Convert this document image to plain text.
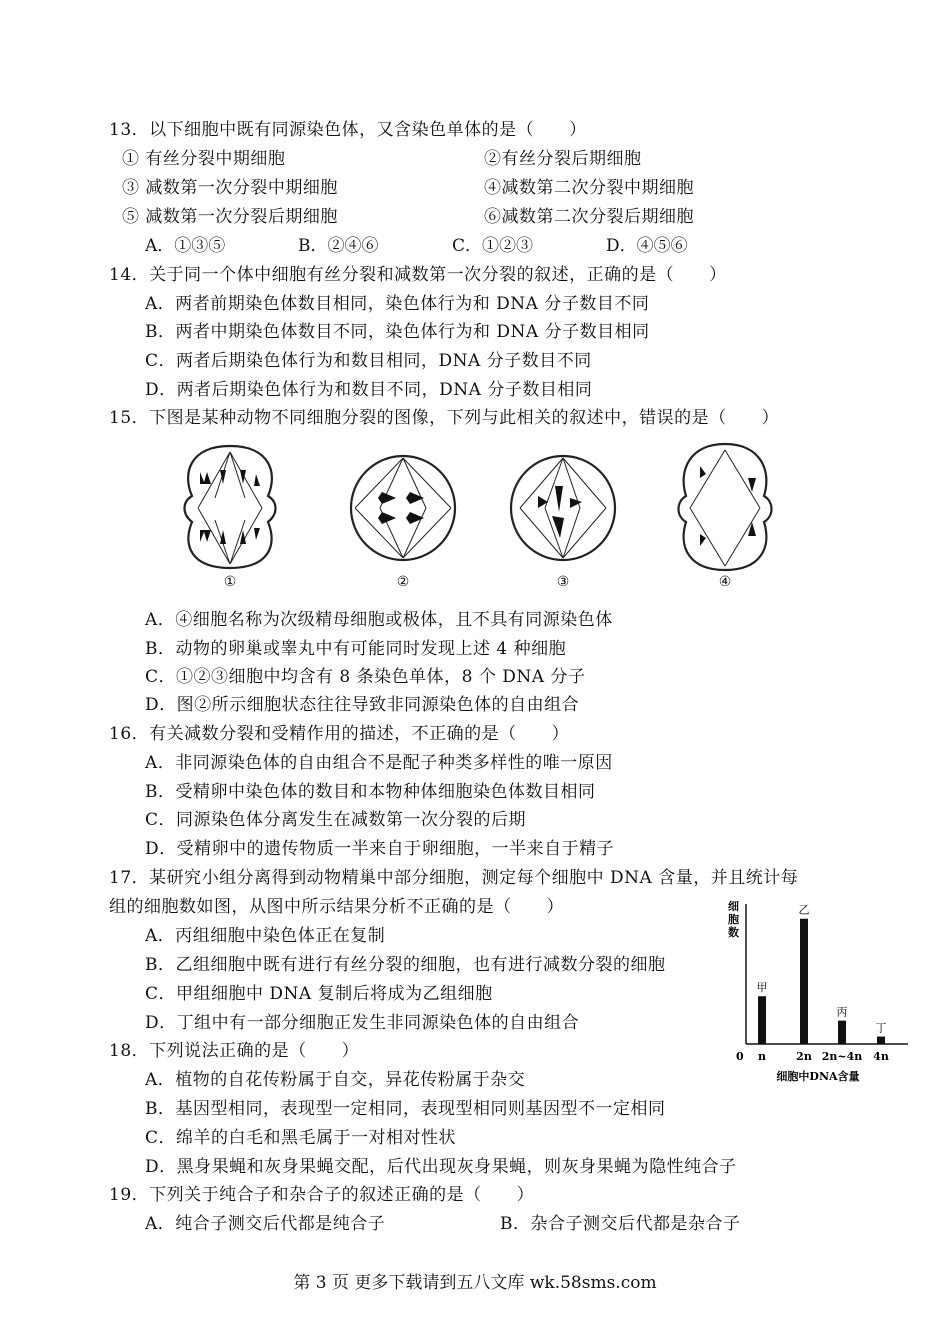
13．以下细胞中既有同源染色体，又含染色单体的是（　　）
① 有丝分裂中期细胞	②有丝分裂后期细胞
③ 减数第一次分裂中期细胞	④减数第二次分裂中期细胞
⑤ 减数第一次分裂后期细胞	⑥减数第二次分裂后期细胞
A．①③⑤	B．②④⑥	C．①②③	D．④⑤⑥
14．关于同一个体中细胞有丝分裂和减数第一次分裂的叙述，正确的是（　　）
A．两者前期染色体数目相同，染色体行为和 DNA 分子数目不同
B．两者中期染色体数目不同，染色体行为和 DNA 分子数目相同
C．两者后期染色体行为和数目相同，DNA 分子数目不同
D．两者后期染色体行为和数目不同，DNA 分子数目相同
15．下图是某种动物不同细胞分裂的图像，下列与此相关的叙述中，错误的是（　　）
①	②	③	④
A．④细胞名称为次级精母细胞或极体，且不具有同源染色体
B．动物的卵巢或睾丸中有可能同时发现上述 4 种细胞
C．①②③细胞中均含有 8 条染色单体，8 个 DNA 分子
D．图②所示细胞状态往往导致非同源染色体的自由组合
16．有关减数分裂和受精作用的描述，不正确的是（　　）
A．非同源染色体的自由组合不是配子种类多样性的唯一原因
B．受精卵中染色体的数目和本物种体细胞染色体数目相同
C．同源染色体分离发生在减数第一次分裂的后期
D．受精卵中的遗传物质一半来自于卵细胞，一半来自于精子
17．某研究小组分离得到动物精巢中部分细胞，测定每个细胞中 DNA 含量，并且统计每
组的细胞数如图，从图中所示结果分析不正确的是（　　）
A．丙组细胞中染色体正在复制
B．乙组细胞中既有进行有丝分裂的细胞，也有进行减数分裂的细胞
C．甲组细胞中 DNA 复制后将成为乙组细胞
D．丁组中有一部分细胞正发生非同源染色体的自由组合
细胞数
0
甲
n
乙
2n
丙
2n~4n
丁
4n
细胞中DNA含量
18．下列说法正确的是（　　）
A．植物的自花传粉属于自交，异花传粉属于杂交
B．基因型相同，表现型一定相同，表现型相同则基因型不一定相同
C．绵羊的白毛和黑毛属于一对相对性状
D．黑身果蝇和灰身果蝇交配，后代出现灰身果蝇，则灰身果蝇为隐性纯合子
19．下列关于纯合子和杂合子的叙述正确的是（　　）
A．纯合子测交后代都是纯合子	B．杂合子测交后代都是杂合子
第 3 页 更多下载请到五八文库 wk.58sms.com
